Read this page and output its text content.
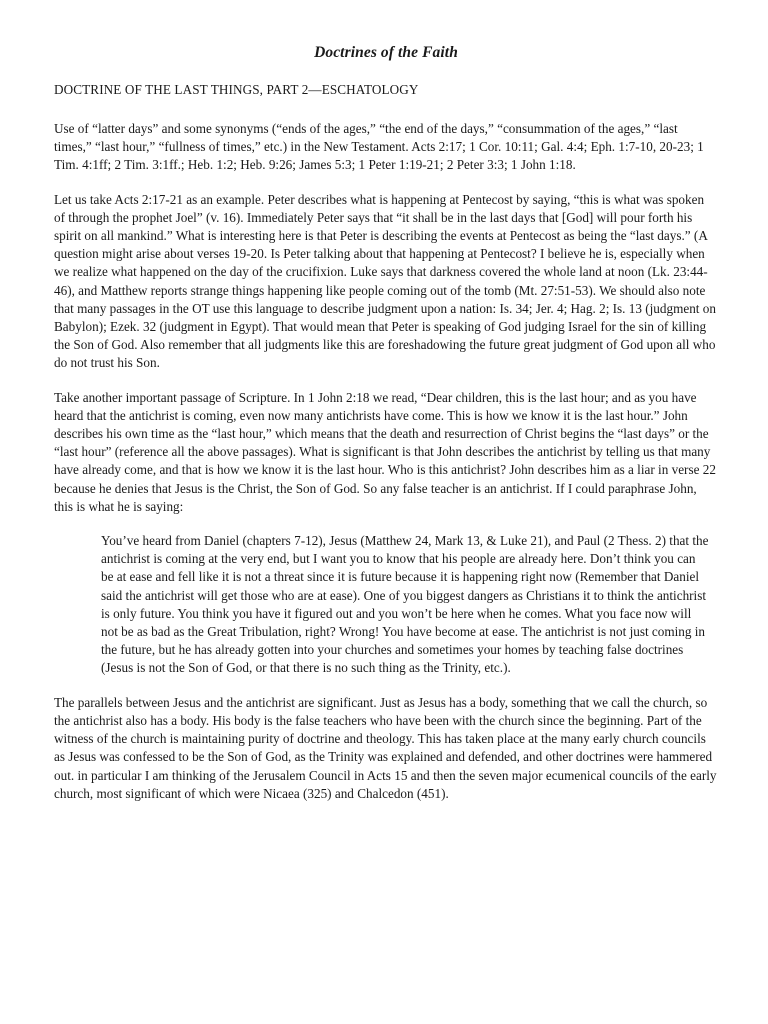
Doctrines of the Faith
DOCTRINE OF THE LAST THINGS, PART 2—ESCHATOLOGY

Use of “latter days” and some synonyms (“ends of the ages,” “the end of the days,” “consummation of the ages,” “last times,” “last hour,” “fullness of times,” etc.) in the New Testament. Acts 2:17; 1 Cor. 10:11; Gal. 4:4; Eph. 1:7-10, 20-23; 1 Tim. 4:1ff; 2 Tim. 3:1ff.; Heb. 1:2; Heb. 9:26; James 5:3; 1 Peter 1:19-21; 2 Peter 3:3; 1 John 1:18.

Let us take Acts 2:17-21 as an example. Peter describes what is happening at Pentecost by saying, “this is what was spoken of through the prophet Joel” (v. 16). Immediately Peter says that “it shall be in the last days that [God] will pour forth his spirit on all mankind.” What is interesting here is that Peter is describing the events at Pentecost as being the “last days.” (A question might arise about verses 19-20. Is Peter talking about that happening at Pentecost? I believe he is, especially when we realize what happened on the day of the crucifixion. Luke says that darkness covered the whole land at noon (Lk. 23:44-46), and Matthew reports strange things happening like people coming out of the tomb (Mt. 27:51-53). We should also note that many passages in the OT use this language to describe judgment upon a nation: Is. 34; Jer. 4; Hag. 2; Is. 13 (judgment on Babylon); Ezek. 32 (judgment in Egypt). That would mean that Peter is speaking of God judging Israel for the sin of killing the Son of God. Also remember that all judgments like this are foreshadowing the future great judgment of God upon all who do not trust his Son.

Take another important passage of Scripture. In 1 John 2:18 we read, “Dear children, this is the last hour; and as you have heard that the antichrist is coming, even now many antichrists have come. This is how we know it is the last hour.” John describes his own time as the “last hour,” which means that the death and resurrection of Christ begins the “last days” or the “last hour” (reference all the above passages). What is significant is that John describes the antichrist by telling us that many have already come, and that is how we know it is the last hour. Who is this antichrist? John describes him as a liar in verse 22 because he denies that Jesus is the Christ, the Son of God. So any false teacher is an antichrist. If I could paraphrase John, this is what he is saying:

You’ve heard from Daniel (chapters 7-12), Jesus (Matthew 24, Mark 13, & Luke 21), and Paul (2 Thess. 2) that the antichrist is coming at the very end, but I want you to know that his people are already here. Don’t think you can be at ease and fell like it is not a threat since it is future because it is happening right now (Remember that Daniel said the antichrist will get those who are at ease). One of you biggest dangers as Christians it to think the antichrist is only future. You think you have it figured out and you won’t be here when he comes. What you face now will not be as bad as the Great Tribulation, right? Wrong! You have become at ease. The antichrist is not just coming in the future, but he has already gotten into your churches and sometimes your homes by teaching false doctrines (Jesus is not the Son of God, or that there is no such thing as the Trinity, etc.).

The parallels between Jesus and the antichrist are significant. Just as Jesus has a body, something that we call the church, so the antichrist also has a body. His body is the false teachers who have been with the church since the beginning. Part of the witness of the church is maintaining purity of doctrine and theology. This has taken place at the many early church councils as Jesus was confessed to be the Son of God, as the Trinity was explained and defended, and other doctrines were hammered out. in particular I am thinking of the Jerusalem Council in Acts 15 and then the seven major ecumenical councils of the early church, most significant of which were Nicaea (325) and Chalcedon (451).
